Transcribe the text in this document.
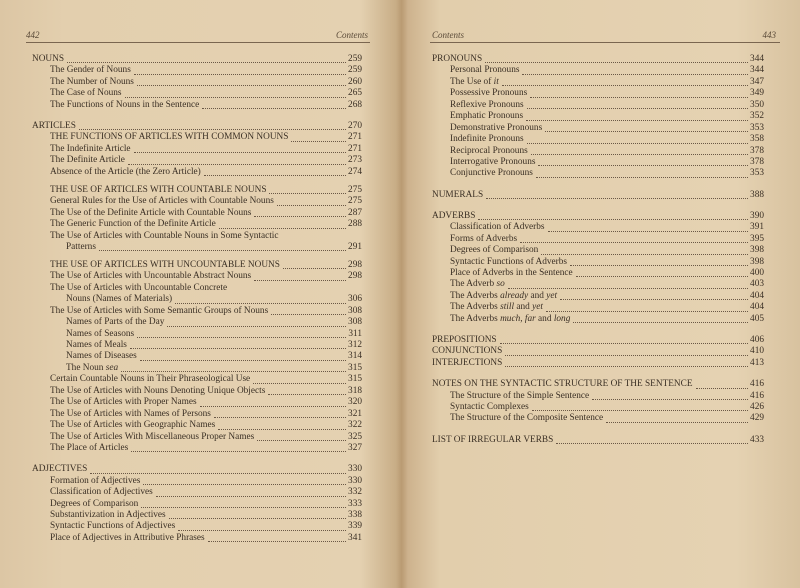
442	Contents
NOUNS	259
The Gender of Nouns	259
The Number of Nouns	260
The Case of Nouns	265
The Functions of Nouns in the Sentence	268
ARTICLES	270
THE FUNCTIONS OF ARTICLES WITH COMMON NOUNS	271
The Indefinite Article	271
The Definite Article	273
Absence of the Article (the Zero Article)	274
THE USE OF ARTICLES WITH COUNTABLE NOUNS	275
General Rules for the Use of Articles with Countable Nouns	275
The Use of the Definite Article with Countable Nouns	287
The Generic Function of the Definite Article	288
The Use of Articles with Countable Nouns in Some Syntactic
Patterns	291
THE USE OF ARTICLES WITH UNCOUNTABLE NOUNS	298
The Use of Articles with Uncountable Abstract Nouns	298
The Use of Articles with Uncountable Concrete
Nouns (Names of Materials)	306
The Use of Articles with Some Semantic Groups of Nouns	308
Names of Parts of the Day	308
Names of Seasons	311
Names of Meals	312
Names of Diseases	314
The Noun sea	315
Certain Countable Nouns in Their Phraseological Use	315
The Use of Articles with Nouns Denoting Unique Objects	318
The Use of Articles with Proper Names	320
The Use of Articles with Names of Persons	321
The Use of Articles with Geographic Names	322
The Use of Articles With Miscellaneous Proper Names	325
The Place of Articles	327
ADJECTIVES	330
Formation of Adjectives	330
Classification of Adjectives	332
Degrees of Comparison	333
Substantivization in Adjectives	338
Syntactic Functions of Adjectives	339
Place of Adjectives in Attributive Phrases	341
Contents	443
PRONOUNS	344
Personal Pronouns	344
The Use of it	347
Possessive Pronouns	349
Reflexive Pronouns	350
Emphatic Pronouns	352
Demonstrative Pronouns	353
Indefinite Pronouns	358
Reciprocal Pronouns	378
Interrogative Pronouns	378
Conjunctive Pronouns	353
NUMERALS	388
ADVERBS	390
Classification of Adverbs	391
Forms of Adverbs	395
Degrees of Comparison	398
Syntactic Functions of Adverbs	398
Place of Adverbs in the Sentence	400
The Adverb so	403
The Adverbs already and yet	404
The Adverbs still and yet	404
The Adverbs much, far and long	405
PREPOSITIONS	406
CONJUNCTIONS	410
INTERJECTIONS	413
NOTES ON THE SYNTACTIC STRUCTURE OF THE SENTENCE	416
The Structure of the Simple Sentence	416
Syntactic Complexes	426
The Structure of the Composite Sentence	429
LIST OF IRREGULAR VERBS	433
